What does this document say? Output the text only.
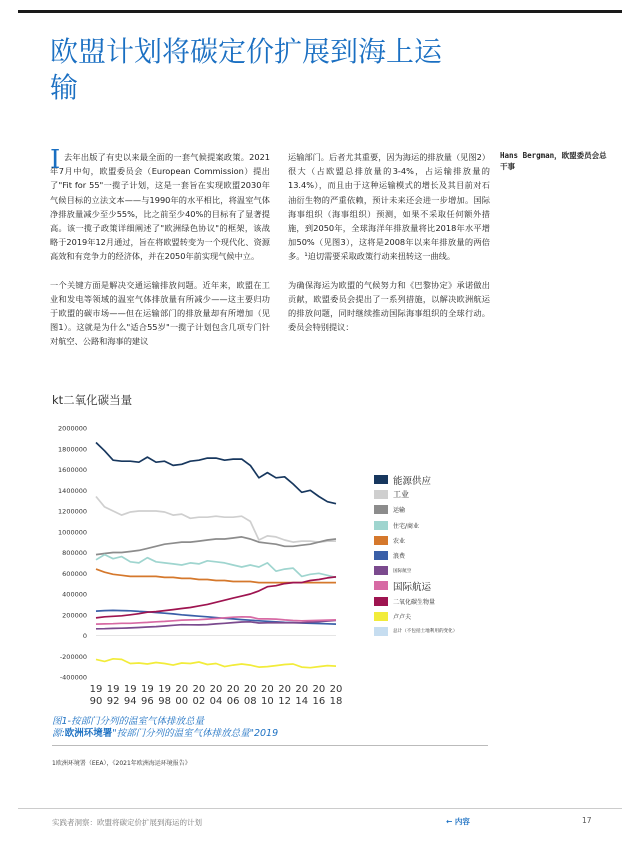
欧盟计划将碳定价扩展到海上运
输
I 去年出版了有史以来最全面的一套气候提案政策。2021年7月中旬，欧盟委员会（European Commission）提出了"Fit for 55"一揽子计划，这是一套旨在实现欧盟2030年气候目标的立法文本——与1990年的水平相比，将温室气体净排放量减少至少55%，比之前至少40%的目标有了显著提高。该一揽子政策详细阐述了"欧洲绿色协议"的框架，该战略于2019年12月通过，旨在将欧盟转变为一个现代化、资源高效和有竞争力的经济体，并在2050年前实现气候中立。

一个关键方面是解决交通运输排放问题。近年来，欧盟在工业和发电等领域的温室气体排放量有所减少——这主要归功于欧盟的碳市场——但在运输部门的排放量却有所增加（见图1）。这就是为什么"适合55岁"一揽子计划包含几项专门针对航空、公路和海事的建议

运输部门。后者尤其重要，因为海运的排放量（见图2）很大（占欧盟总排放量的3-4%，占运输排放量的13.4%），而且由于这种运输模式的增长及其目前对石油衍生物的严重依赖，预计未来还会进一步增加。国际海事组织（海事组织）预测，如果不采取任何额外措施，到2050年，全球海洋年排放量将比2018年水平增加50%（见图3），这将是2008年以来年排放量的两倍多。¹迫切需要采取政策行动来扭转这一曲线。

为确保海运为欧盟的气候努力和《巴黎协定》承诺做出贡献，欧盟委员会提出了一系列措施，以解决欧洲航运的排放问题，同时继续推动国际海事组织的全球行动。委员会特别提议：

Hans Bergman，欧盟委员会总干事
kt二氧化碳当量
2000000
1800000
1600000
1400000
1200000
1000000
800000
600000
400000
200000
0
-200000
-400000
19
90
19
92
19
94
19
96
19
98
20
00
20
02
20
04
20
06
20
08
20
10
20
12
20
14
20
16
20
18
能源供应
工业
运输
住宅/商业
农业
浪费
国际航空
国际航运
二氧化碳生物量
卢卢夫
总计（不包括土地利用的变化）
图1-按部门分列的温室气体排放总量
源:欧洲环境署"按部门分列的温室气体排放总量"2019
1欧洲环境署（EEA），《2021年欧洲海运环境报告》
实践者洞察：欧盟将碳定价扩展到海运的计划	← 内容	17
